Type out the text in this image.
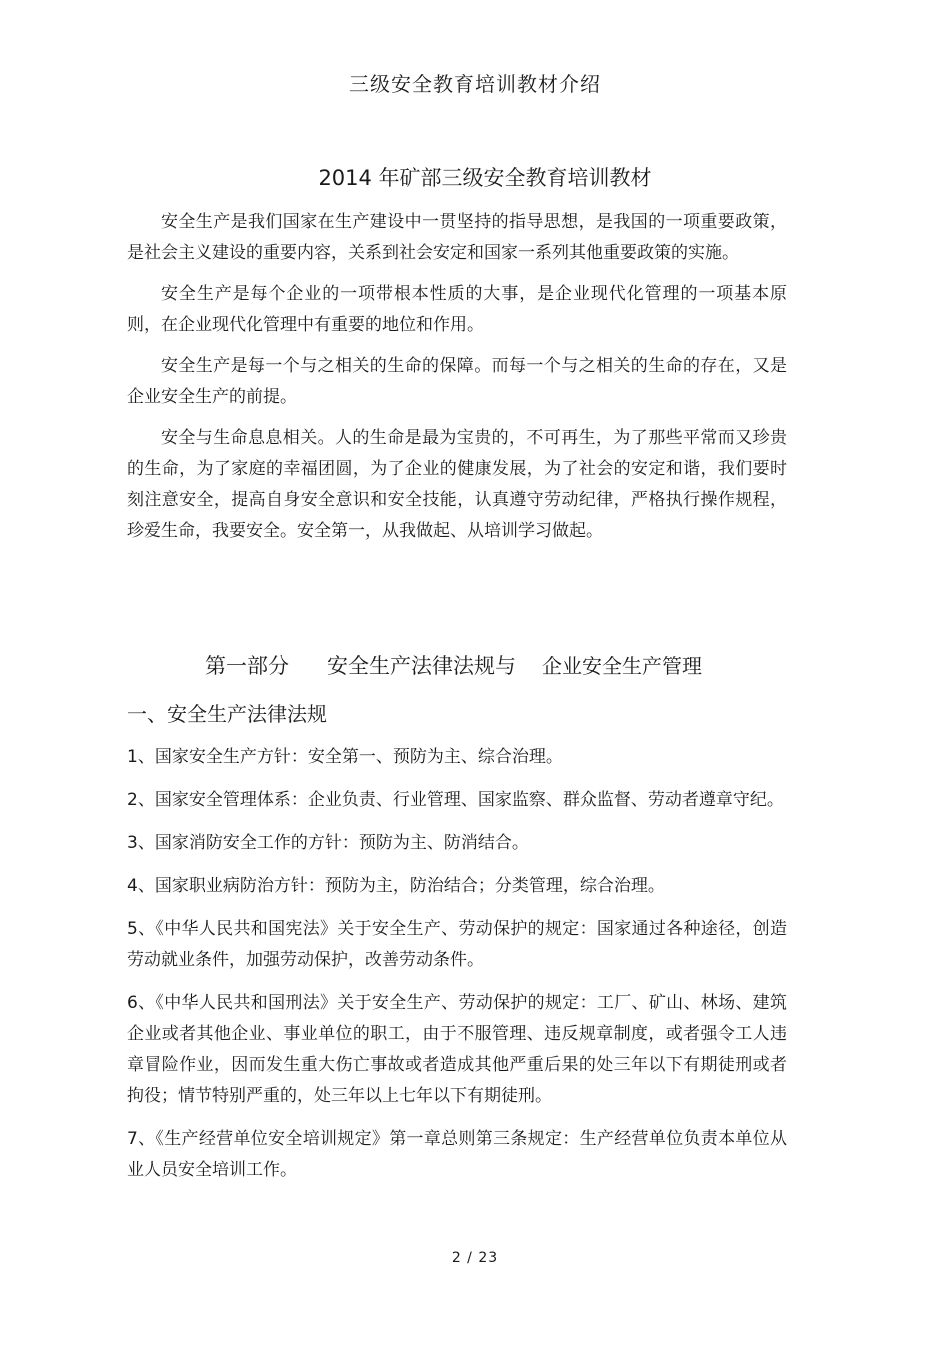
三级安全教育培训教材介绍
2014 年矿部三级安全教育培训教材

安全生产是我们国家在生产建设中一贯坚持的指导思想，是我国的一项重要政策，是社会主义建设的重要内容，关系到社会安定和国家一系列其他重要政策的实施。

安全生产是每个企业的一项带根本性质的大事，是企业现代化管理的一项基本原则，在企业现代化管理中有重要的地位和作用。

安全生产是每一个与之相关的生命的保障。而每一个与之相关的生命的存在，又是企业安全生产的前提。

安全与生命息息相关。人的生命是最为宝贵的，不可再生，为了那些平常而又珍贵的生命，为了家庭的幸福团圆，为了企业的健康发展，为了社会的安定和谐，我们要时刻注意安全，提高自身安全意识和安全技能，认真遵守劳动纪律，严格执行操作规程，珍爱生命，我要安全。安全第一，从我做起、从培训学习做起。

第一部分 安全生产法律法规与 企业安全生产管理
一、安全生产法律法规

1、国家安全生产方针：安全第一、预防为主、综合治理。

2、国家安全管理体系：企业负责、行业管理、国家监察、群众监督、劳动者遵章守纪。

3、国家消防安全工作的方针：预防为主、防消结合。

4、国家职业病防治方针：预防为主，防治结合；分类管理，综合治理。

5、《中华人民共和国宪法》关于安全生产、劳动保护的规定：国家通过各种途径，创造劳动就业条件，加强劳动保护，改善劳动条件。

6、《中华人民共和国刑法》关于安全生产、劳动保护的规定：工厂、矿山、林场、建筑企业或者其他企业、事业单位的职工，由于不服管理、违反规章制度，或者强令工人违章冒险作业，因而发生重大伤亡事故或者造成其他严重后果的处三年以下有期徒刑或者拘役；情节特别严重的，处三年以上七年以下有期徒刑。

7、《生产经营单位安全培训规定》第一章总则第三条规定：生产经营单位负责本单位从业人员安全培训工作。

2 / 23
